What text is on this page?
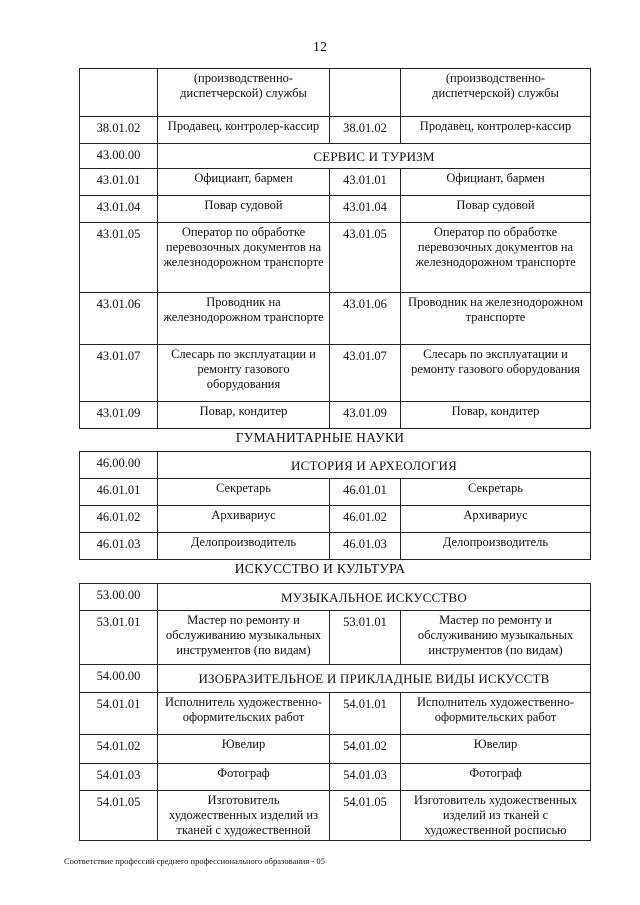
12
	(производственно-диспетчерской) службы		(производственно-диспетчерской) службы
38.01.02	Продавец, контролер-кассир	38.01.02	Продавец, контролер-кассир
43.00.00	СЕРВИС И ТУРИЗМ		
43.01.01	Официант, бармен	43.01.01	Официант, бармен
43.01.04	Повар судовой	43.01.04	Повар судовой
43.01.05	Оператор по обработке перевозочных документов на железнодорожном транспорте	43.01.05	Оператор по обработке перевозочных документов на железнодорожном транспорте
43.01.06	Проводник на железнодорожном транспорте	43.01.06	Проводник на железнодорожном транспорте
43.01.07	Слесарь по эксплуатации и ремонту газового оборудования	43.01.07	Слесарь по эксплуатации и ремонту газового оборудования
43.01.09	Повар, кондитер	43.01.09	Повар, кондитер
ГУМАНИТАРНЫЕ НАУКИ
46.00.00	ИСТОРИЯ И АРХЕОЛОГИЯ		
46.01.01	Секретарь	46.01.01	Секретарь
46.01.02	Архивариус	46.01.02	Архивариус
46.01.03	Делопроизводитель	46.01.03	Делопроизводитель
ИСКУССТВО И КУЛЬТУРА
53.00.00	МУЗЫКАЛЬНОЕ ИСКУССТВО		
53.01.01	Мастер по ремонту и обслуживанию музыкальных инструментов (по видам)	53.01.01	Мастер по ремонту и обслуживанию музыкальных инструментов (по видам)
54.00.00	ИЗОБРАЗИТЕЛЬНОЕ И ПРИКЛАДНЫЕ ВИДЫ ИСКУССТВ		
54.01.01	Исполнитель художественно-оформительских работ	54.01.01	Исполнитель художественно-оформительских работ
54.01.02	Ювелир	54.01.02	Ювелир
54.01.03	Фотограф	54.01.03	Фотограф
54.01.05	Изготовитель художественных изделий из тканей с художественной	54.01.05	Изготовитель художественных изделий из тканей с художественной росписью
Соответствие профессий среднего профессионального образования - 05
